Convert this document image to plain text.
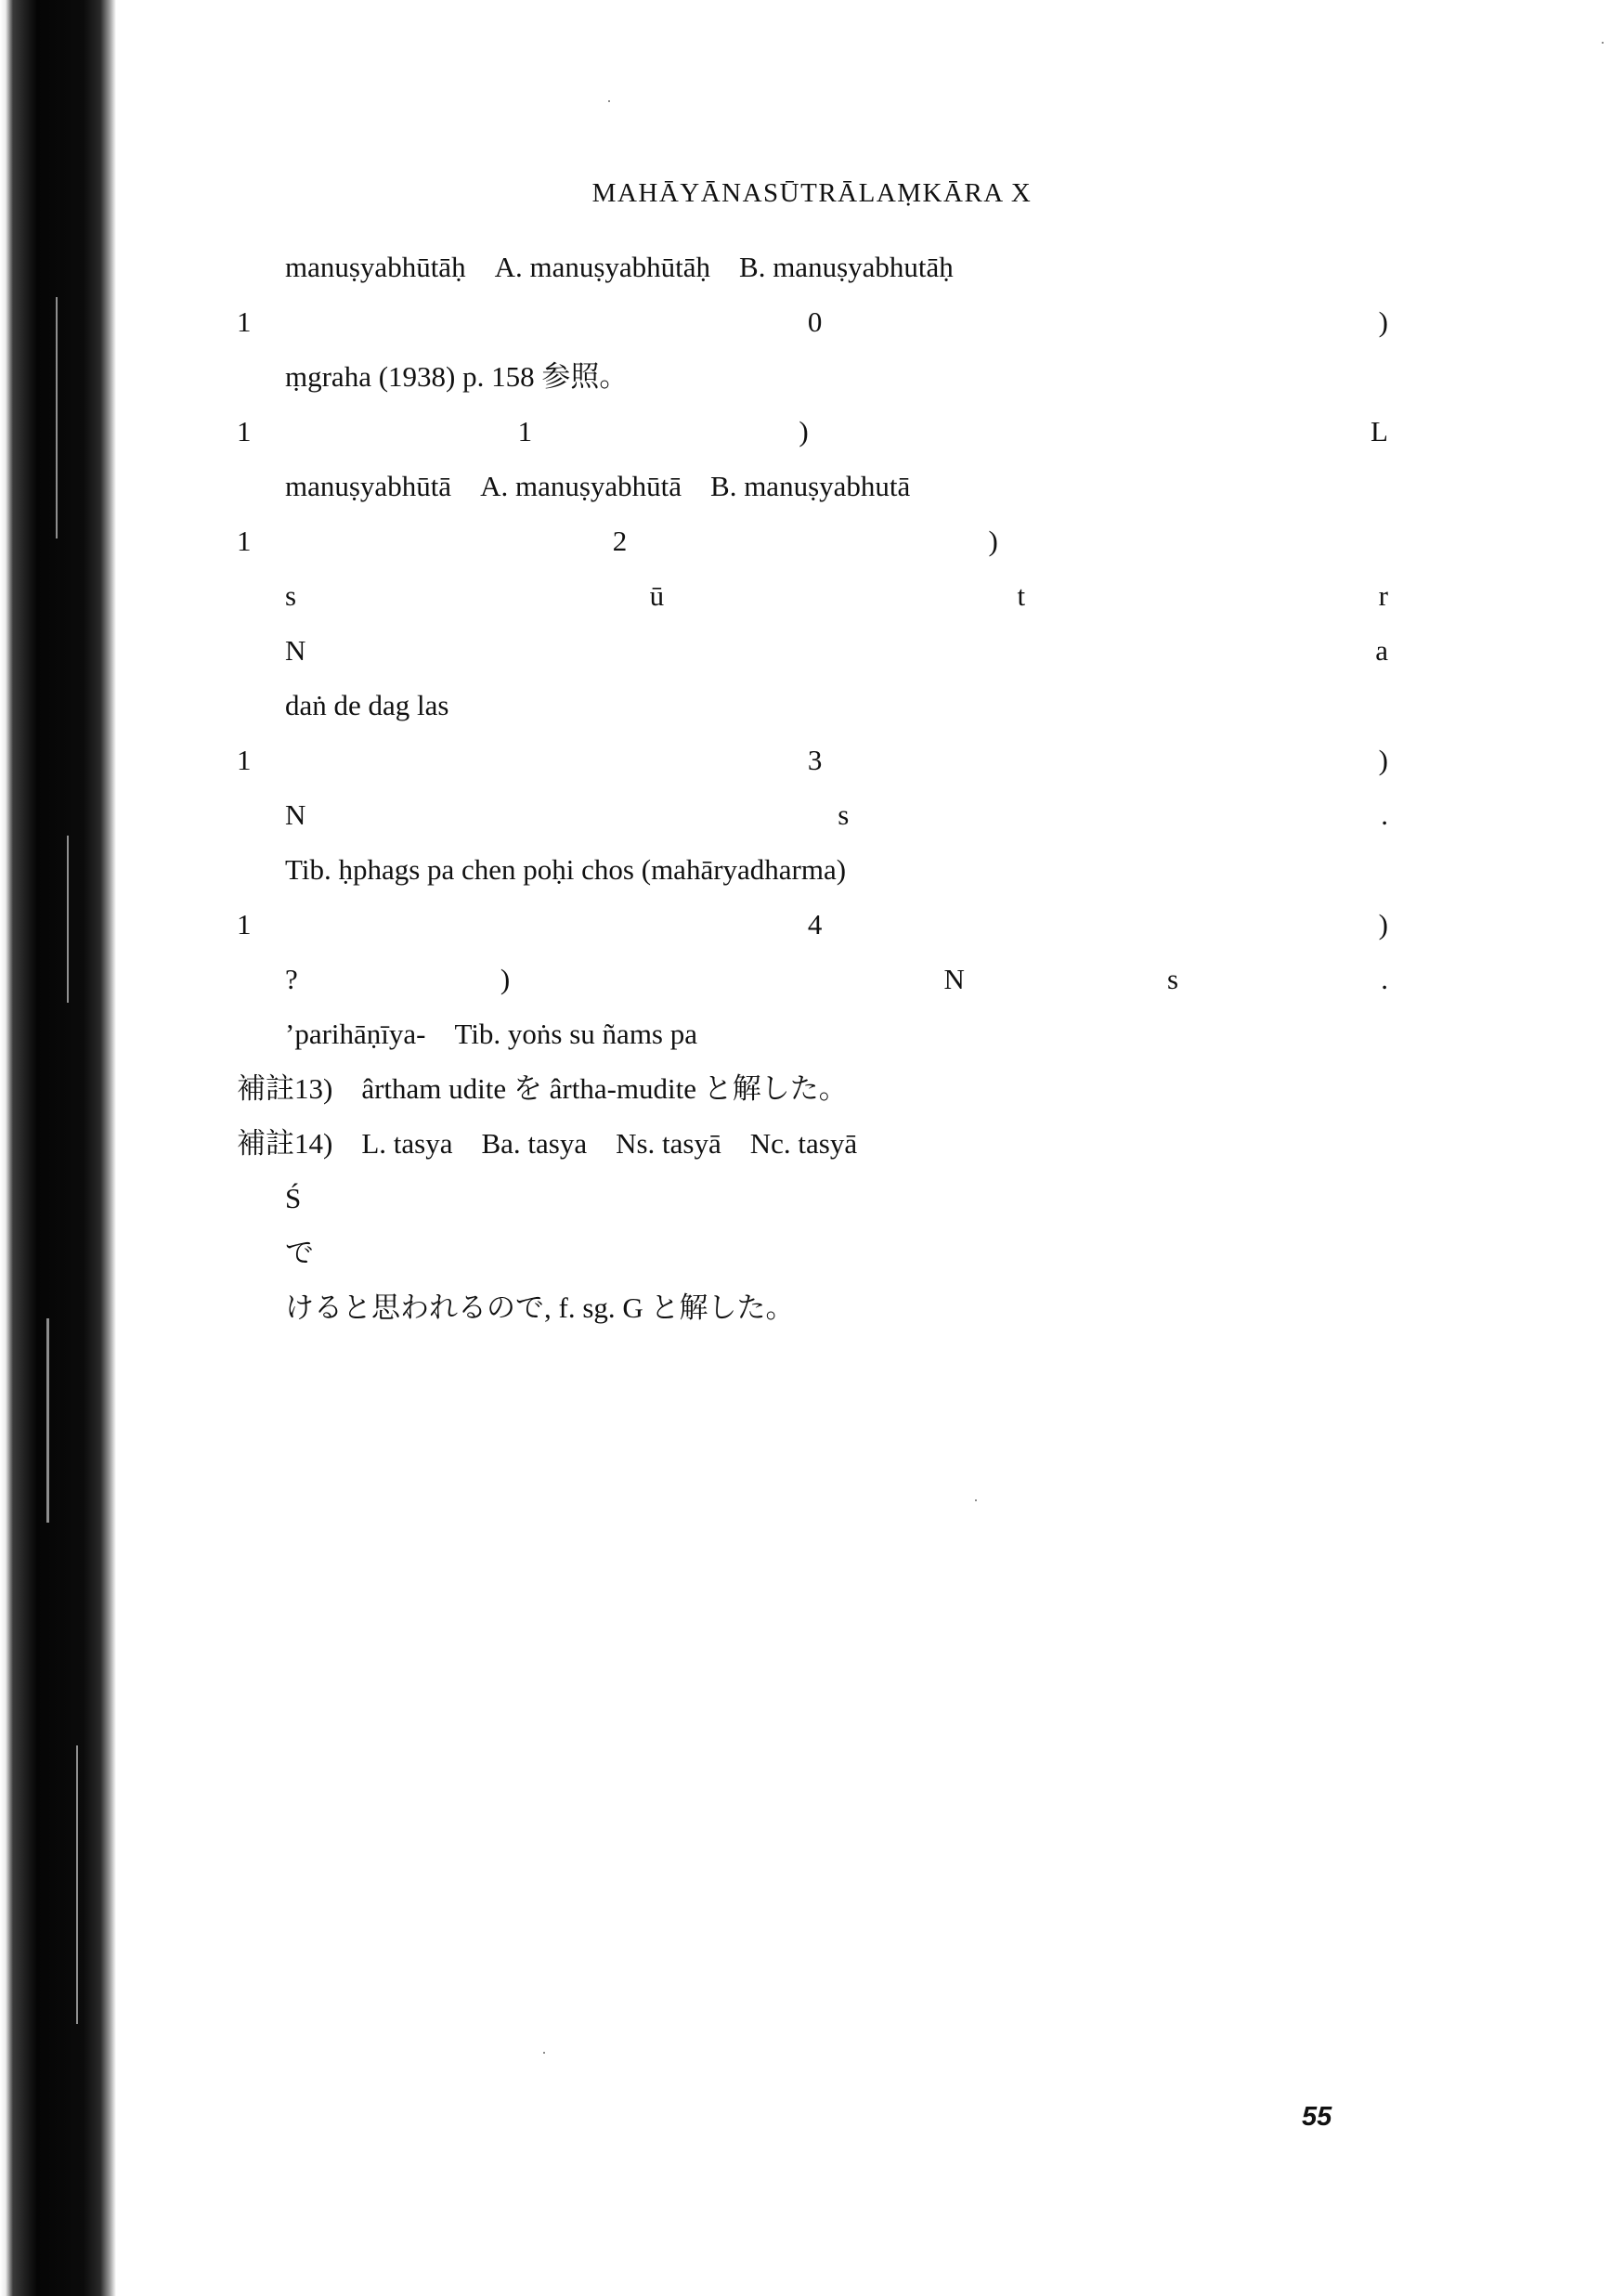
MAHĀYĀNASŪTRĀLAṂKĀRA X
manuṣyabhūtāḥ　A. manuṣyabhūtāḥ　B. manuṣyabhutāḥ
1	0	)
ṃgraha (1938) p. 158 参照。
1	1	)
　	L
manuṣyabhūtā　A. manuṣyabhūtā　B. manuṣyabhutā
1	2	)

s	ū	t	r
N	a
daṅ de dag las
1	3	)
N	s	.
Tib. ḥphags pa chen poḥi chos (mahāryadharma)
1	4	)
?	)
　	N	s	.
’parihāṇīya-　Tib. yoṅs su ñams pa
補註13)　ârtham udite を ârtha-mudite と解した。
補註14)　L. tasya　Ba. tasya　Ns. tasyā　Nc. tasyā
Ś
で
けると思われるので, f. sg. G と解した。
55
